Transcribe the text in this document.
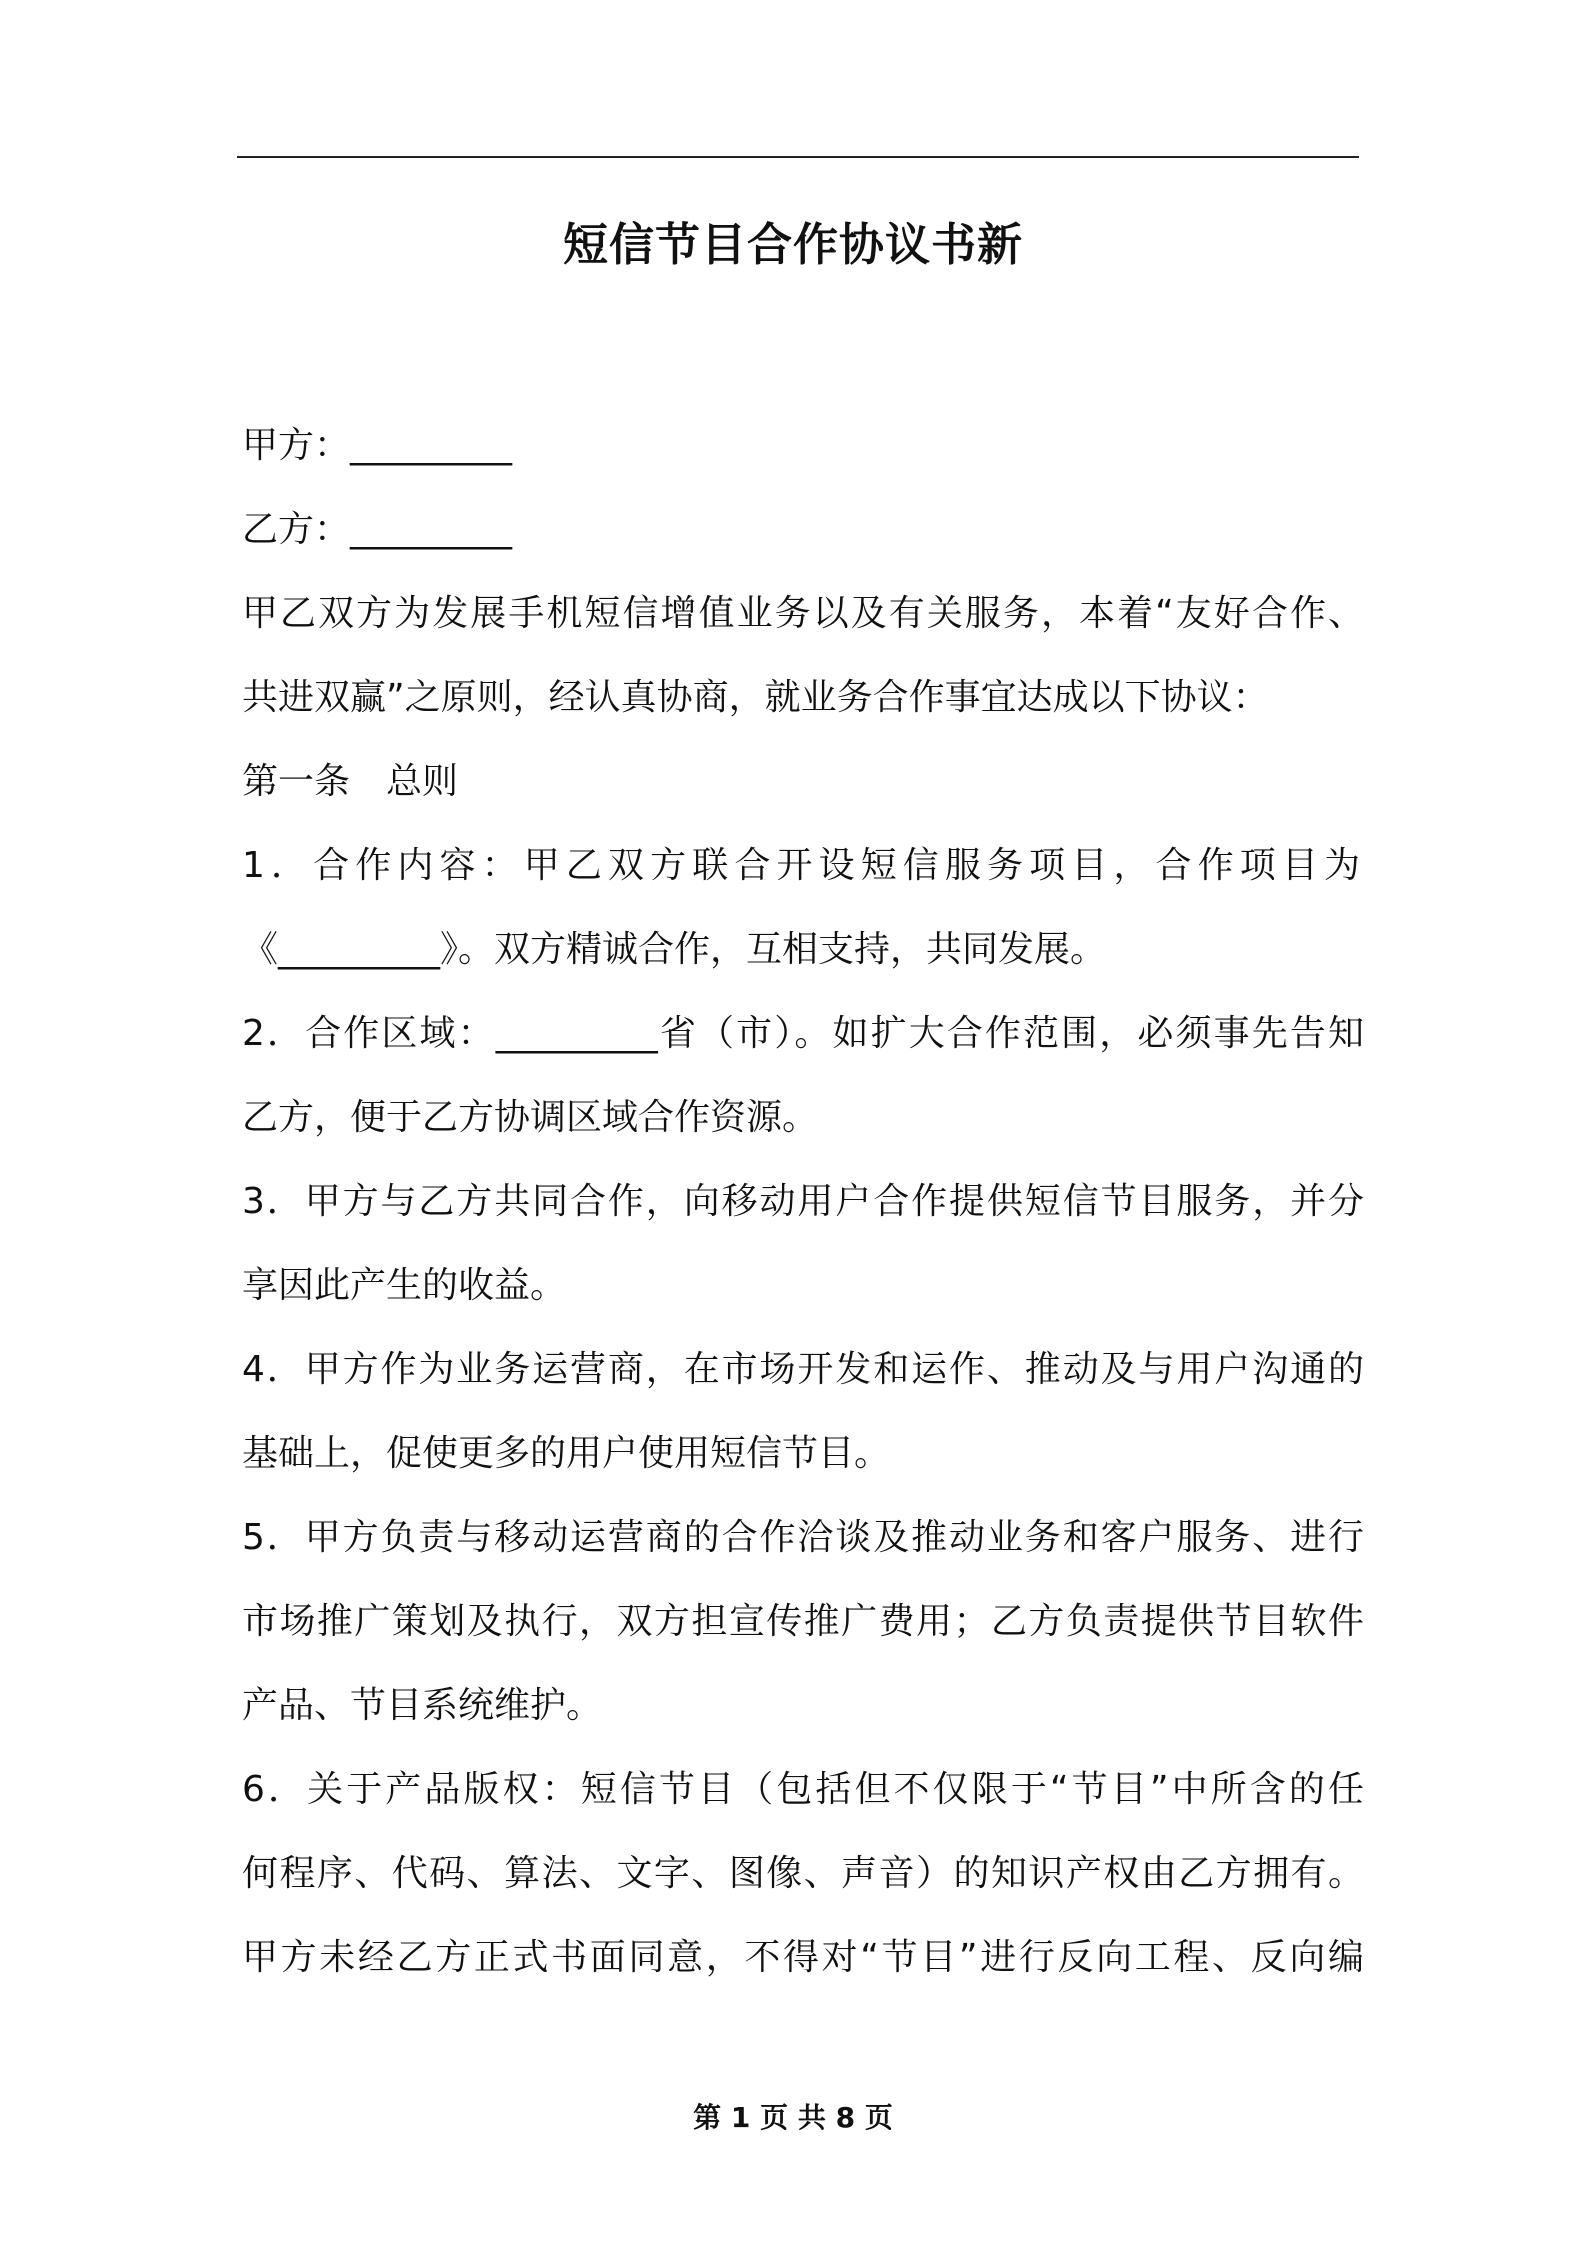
短信节目合作协议书新
甲方：_________
乙方：_________
甲乙双方为发展手机短信增值业务以及有关服务，本着“友好合作、
共进双赢”之原则，经认真协商，就业务合作事宜达成以下协议：
第一条　总则
1．合作内容：甲乙双方联合开设短信服务项目，合作项目为
《_________》。双方精诚合作，互相支持，共同发展。
2．合作区域：_________省（市）。如扩大合作范围，必须事先告知
乙方，便于乙方协调区域合作资源。
3．甲方与乙方共同合作，向移动用户合作提供短信节目服务，并分
享因此产生的收益。
4．甲方作为业务运营商，在市场开发和运作、推动及与用户沟通的
基础上，促使更多的用户使用短信节目。
5．甲方负责与移动运营商的合作洽谈及推动业务和客户服务、进行
市场推广策划及执行，双方担宣传推广费用；乙方负责提供节目软件
产品、节目系统维护。
6．关于产品版权：短信节目（包括但不仅限于“节目”中所含的任
何程序、代码、算法、文字、图像、声音）的知识产权由乙方拥有。
甲方未经乙方正式书面同意，不得对“节目”进行反向工程、反向编
第 1 页 共 8 页
